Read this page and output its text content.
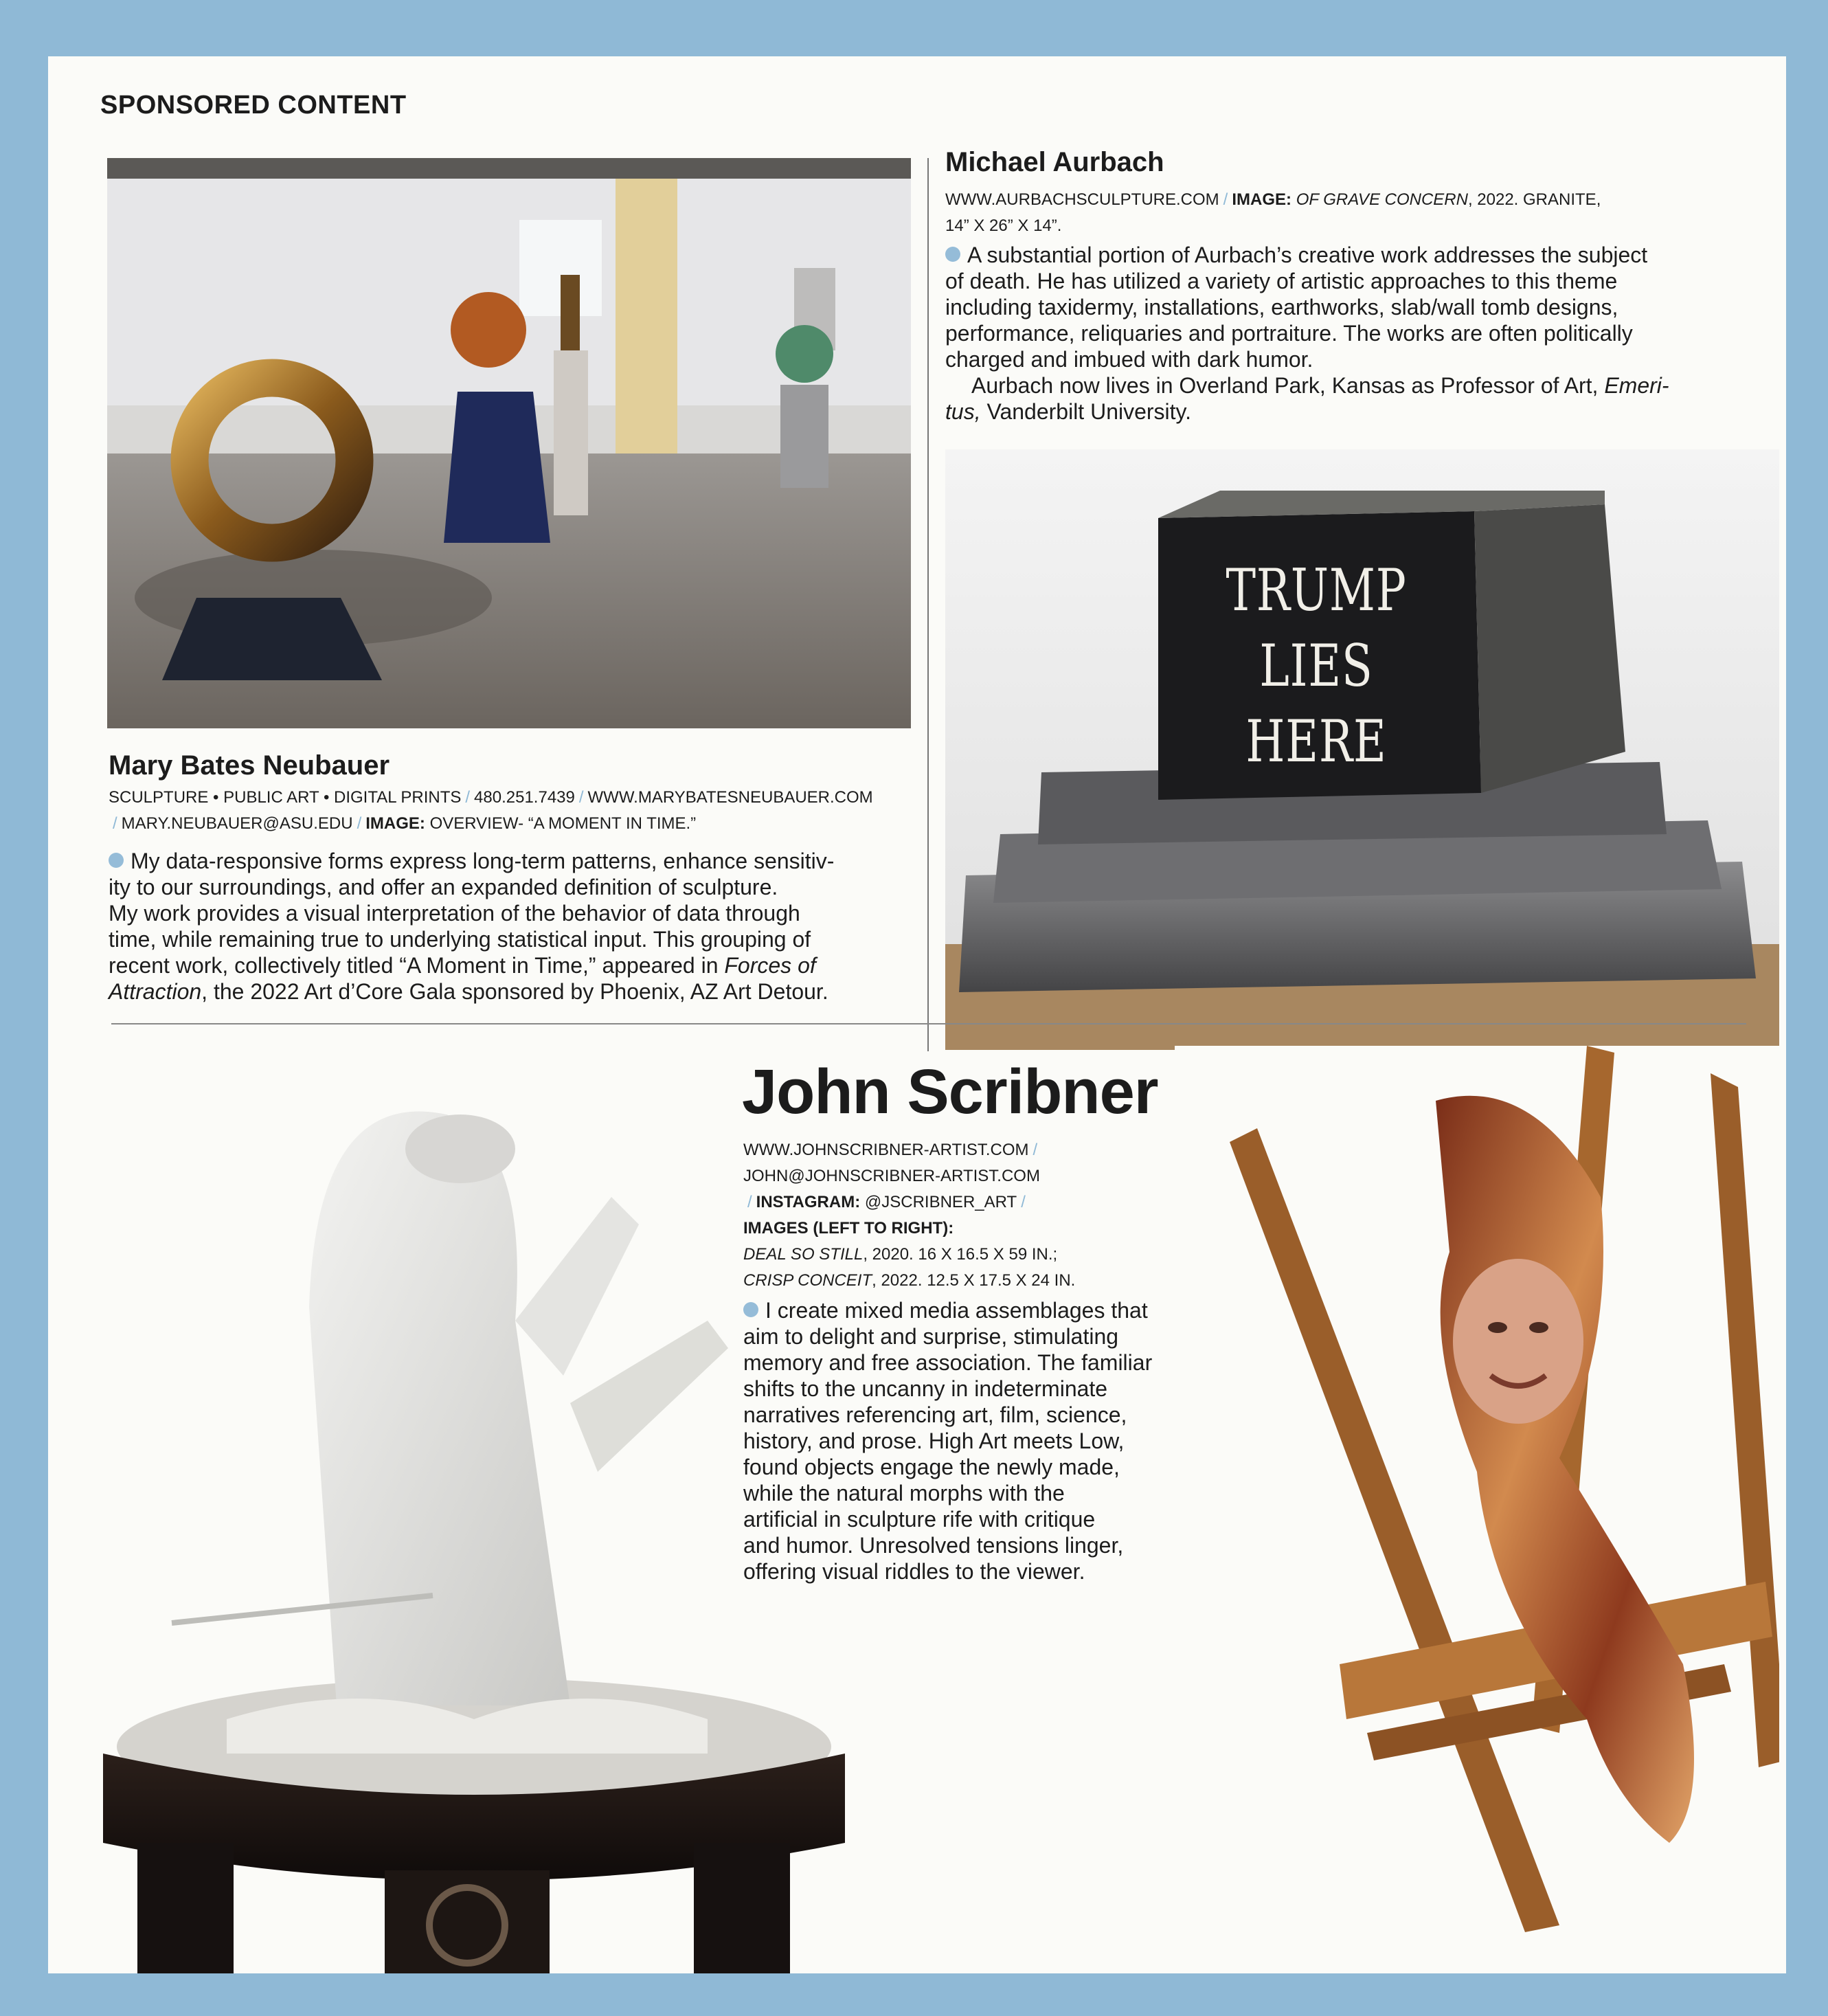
SPONSORED CONTENT
Mary Bates Neubauer
SCULPTURE • PUBLIC ART • DIGITAL PRINTS / 480.251.7439 / WWW.MARYBATESNEUBAUER.COM
/ MARY.NEUBAUER@ASU.EDU / IMAGE: OVERVIEW- “A MOMENT IN TIME.”
My data-responsive forms express long-term patterns, enhance sensitiv-
ity to our surroundings, and offer an expanded definition of sculpture.
My work provides a visual interpretation of the behavior of data through
time, while remaining true to underlying statistical input. This grouping of
recent work, collectively titled “A Moment in Time,” appeared in Forces of
Attraction, the 2022 Art d’Core Gala sponsored by Phoenix, AZ Art Detour.
Michael Aurbach
WWW.AURBACHSCULPTURE.COM / IMAGE: OF GRAVE CONCERN, 2022. GRANITE,
14” X 26” X 14”.
A substantial portion of Aurbach’s creative work addresses the subject
of death. He has utilized a variety of artistic approaches to this theme
including taxidermy, installations, earthworks, slab/wall tomb designs,
performance, reliquaries and portraiture. The works are often politically
charged and imbued with dark humor.
Aurbach now lives in Overland Park, Kansas as Professor of Art, Emeri-
tus, Vanderbilt University.
TRUMP LIES
HERE
John Scribner
WWW.JOHNSCRIBNER-ARTIST.COM /
JOHN@JOHNSCRIBNER-ARTIST.COM
/ INSTAGRAM: @JSCRIBNER_ART /
IMAGES (LEFT TO RIGHT):
DEAL SO STILL, 2020. 16 X 16.5 X 59 IN.;
CRISP CONCEIT, 2022. 12.5 X 17.5 X 24 IN.
I create mixed media assemblages that
aim to delight and surprise, stimulating
memory and free association. The familiar
shifts to the uncanny in indeterminate
narratives referencing art, film, science,
history, and prose. High Art meets Low,
found objects engage the newly made,
while the natural morphs with the
artificial in sculpture rife with critique
and humor. Unresolved tensions linger,
offering visual riddles to the viewer.
